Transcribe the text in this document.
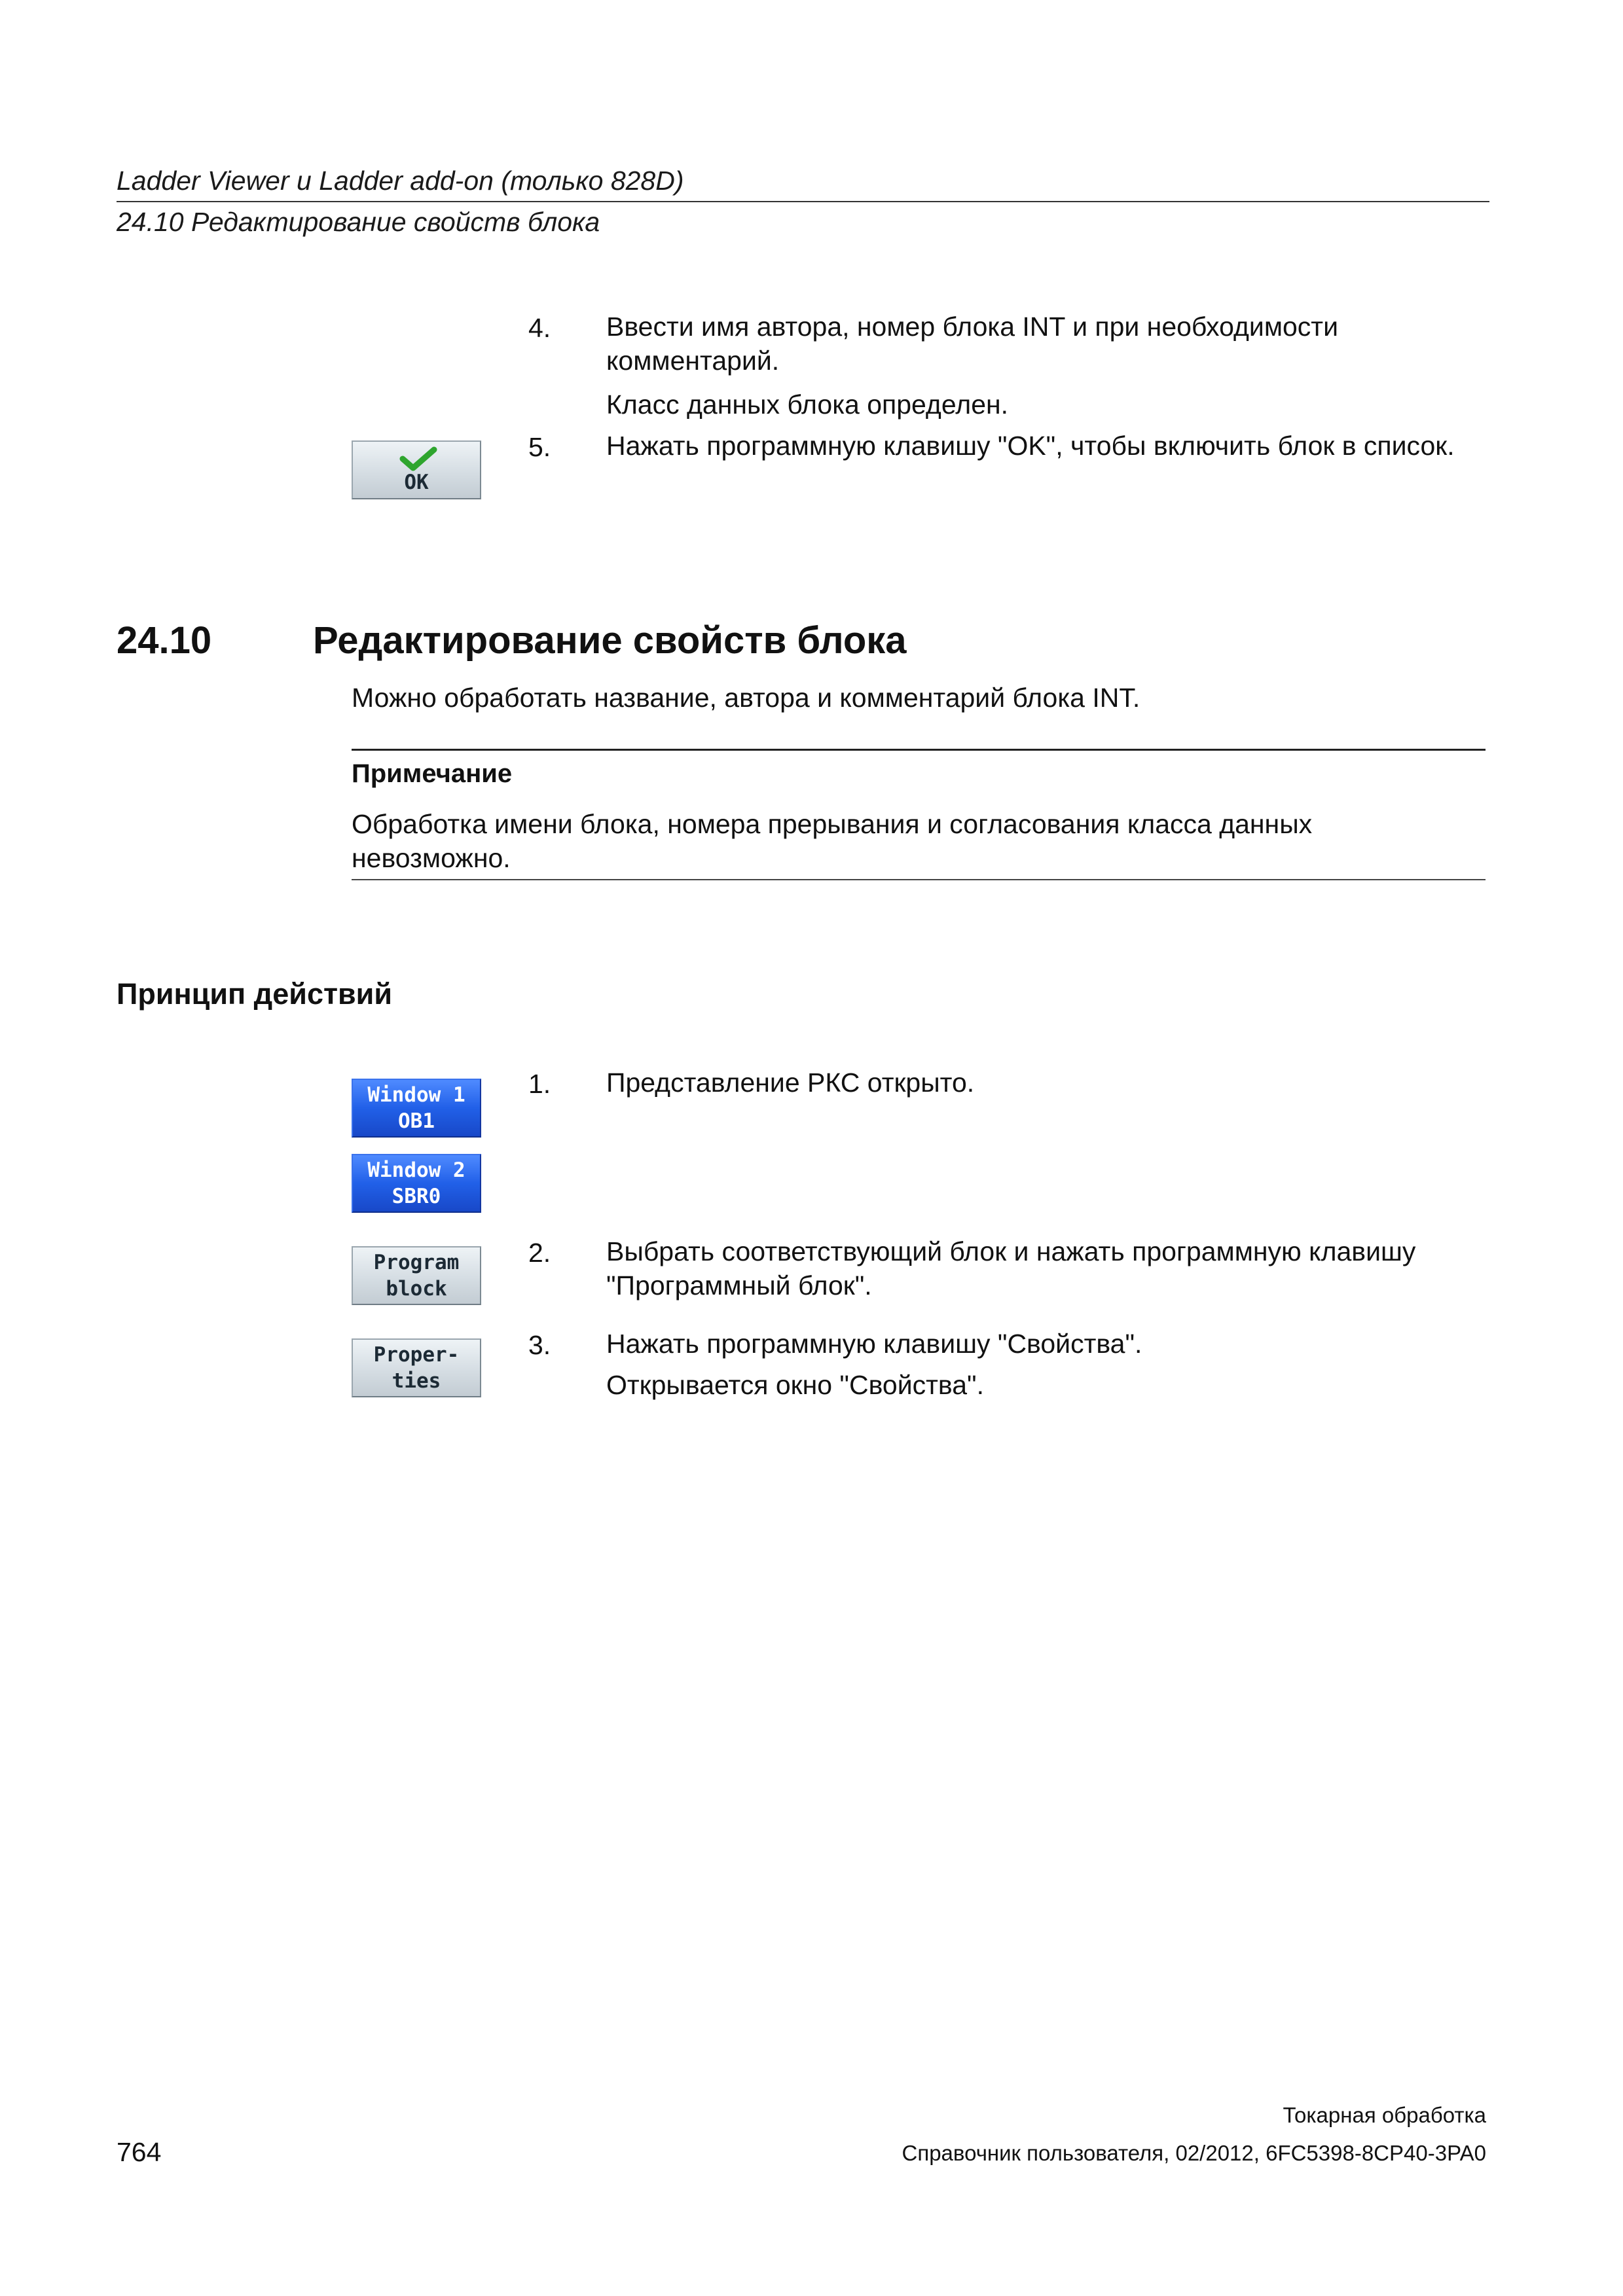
Ladder Viewer и Ladder add-on (только 828D)
24.10 Редактирование свойств блока
4. Ввести имя автора, номер блока INT и при необходимости
комментарий.
Класс данных блока определен.
5. Нажать программную клавишу "OK", чтобы включить блок в список.
OK
24.10	Редактирование свойств блока
Можно обработать название, автора и комментарий блока INT.
Примечание
Обработка имени блока, номера прерывания и согласования класса данных
невозможно.
Принцип действий
Window 1
OB1
Window 2
SBR0
Program
block
Proper-
ties
1. Представление РКС открыто.
2. Выбрать соответствующий блок и нажать программную клавишу
"Программный блок".
3. Нажать программную клавишу "Свойства".
Открывается окно "Свойства".
Токарная обработка
764	Справочник пользователя, 02/2012, 6FC5398-8CP40-3PA0
